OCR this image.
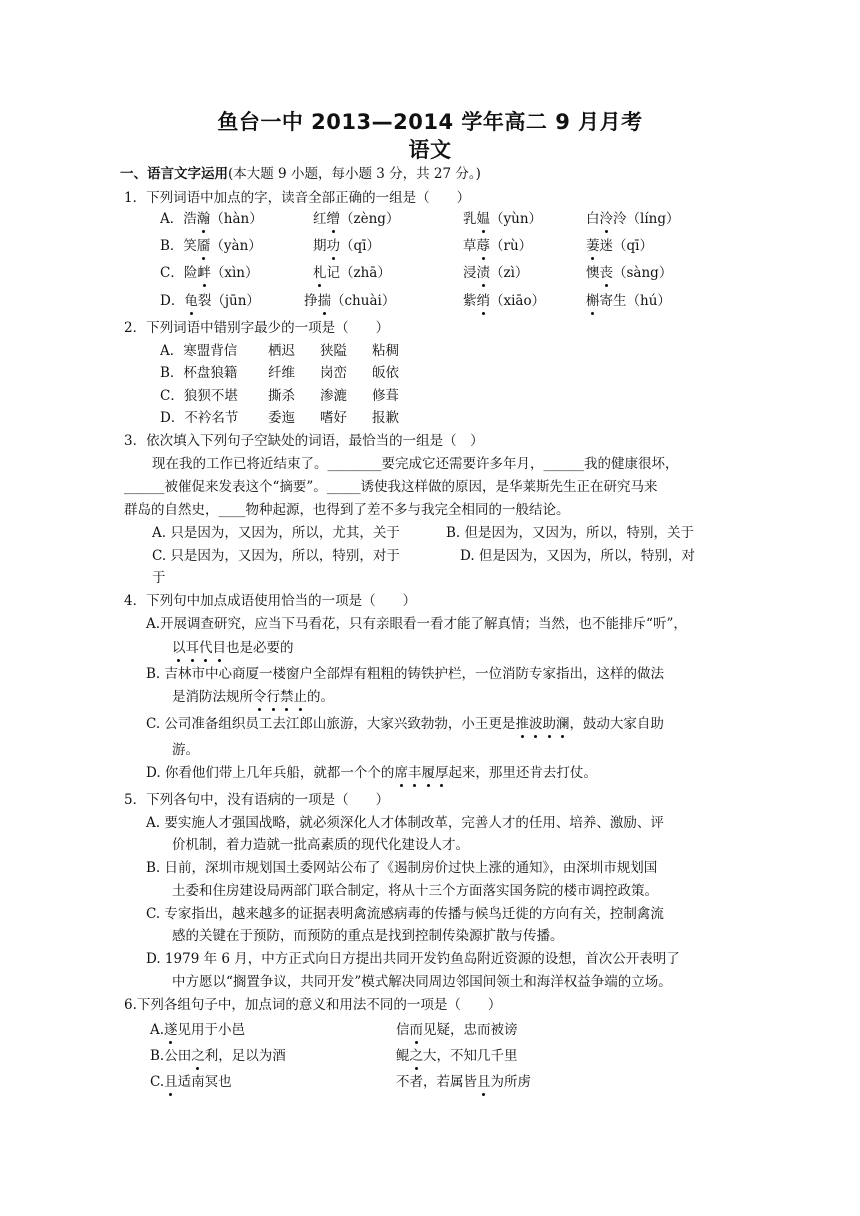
鱼台一中 2013—2014 学年高二 9 月月考
语文
一、语言文字运用(本大题 9 小题，每小题 3 分，共 27 分。)
1．下列词语中加点的字，读音全部正确的一组是（　　）
A．浩瀚（hàn）	红缯（zèng）	乳媪（yùn）	白泠泠（líng）
B．笑靥（yàn）	期功（qī）	草蓐（rù）	萋迷（qī）
C．险衅（xìn）	札记（zhā）	浸渍（zì）	懊丧（sàng）
D．龟裂（jūn）	挣揣（chuài）	紫绡（xiāo）	槲寄生（hú）
2．下列词语中错别字最少的一项是（　　）
A．寒盟背信 栖迟 狭隘 粘稠
B．杯盘狼籍 纤维 岗峦 皈依
C．狼狈不堪 撕杀 渗漉 修葺
D．不衿名节 委迤 嗜好 报歉
3．依次填入下列句子空缺处的词语，最恰当的一组是（　）
现在我的工作已将近结束了。________要完成它还需要许多年月，______我的健康很坏，
______被催促来发表这个“摘要”。_____诱使我这样做的原因，是华莱斯先生正在研究马来
群岛的自然史，____物种起源，也得到了差不多与我完全相同的一般结论。
A. 只是因为，又因为，所以，尤其，关于	B. 但是因为，又因为，所以，特别，关于
C. 只是因为，又因为，所以，特别，对于	D. 但是因为，又因为，所以，特别，对
于
4．下列句中加点成语使用恰当的一项是（　　）
A.开展调查研究，应当下马看花，只有亲眼看一看才能了解真情；当然，也不能排斥“听”，
以耳代目也是必要的
B. 吉林市中心商厦一楼窗户全部焊有粗粗的铸铁护栏，一位消防专家指出，这样的做法
是消防法规所令行禁止的。
C. 公司准备组织员工去江郎山旅游，大家兴致勃勃，小王更是推波助澜，鼓动大家自助
游。
D. 你看他们带上几年兵船，就都一个个的席丰履厚起来，那里还肯去打仗。
5．下列各句中，没有语病的一项是（　　）
A. 要实施人才强国战略，就必须深化人才体制改革，完善人才的任用、培养、激励、评
价机制，着力造就一批高素质的现代化建设人才。
B. 日前，深圳市规划国土委网站公布了《遏制房价过快上涨的通知》，由深圳市规划国
土委和住房建设局两部门联合制定，将从十三个方面落实国务院的楼市调控政策。
C. 专家指出，越来越多的证据表明禽流感病毒的传播与候鸟迁徙的方向有关，控制禽流
感的关键在于预防，而预防的重点是找到控制传染源扩散与传播。
D. 1979 年 6 月，中方正式向日方提出共同开发钓鱼岛附近资源的设想，首次公开表明了
中方愿以“搁置争议，共同开发”模式解决同周边邻国间领土和海洋权益争端的立场。
6.下列各组句子中，加点词的意义和用法不同的一项是（　　）
A.遂见用于小邑	信而见疑，忠而被谤
B.公田之利，足以为酒	鲲之大，不知几千里
C.且适南冥也	不者，若属皆且为所虏
